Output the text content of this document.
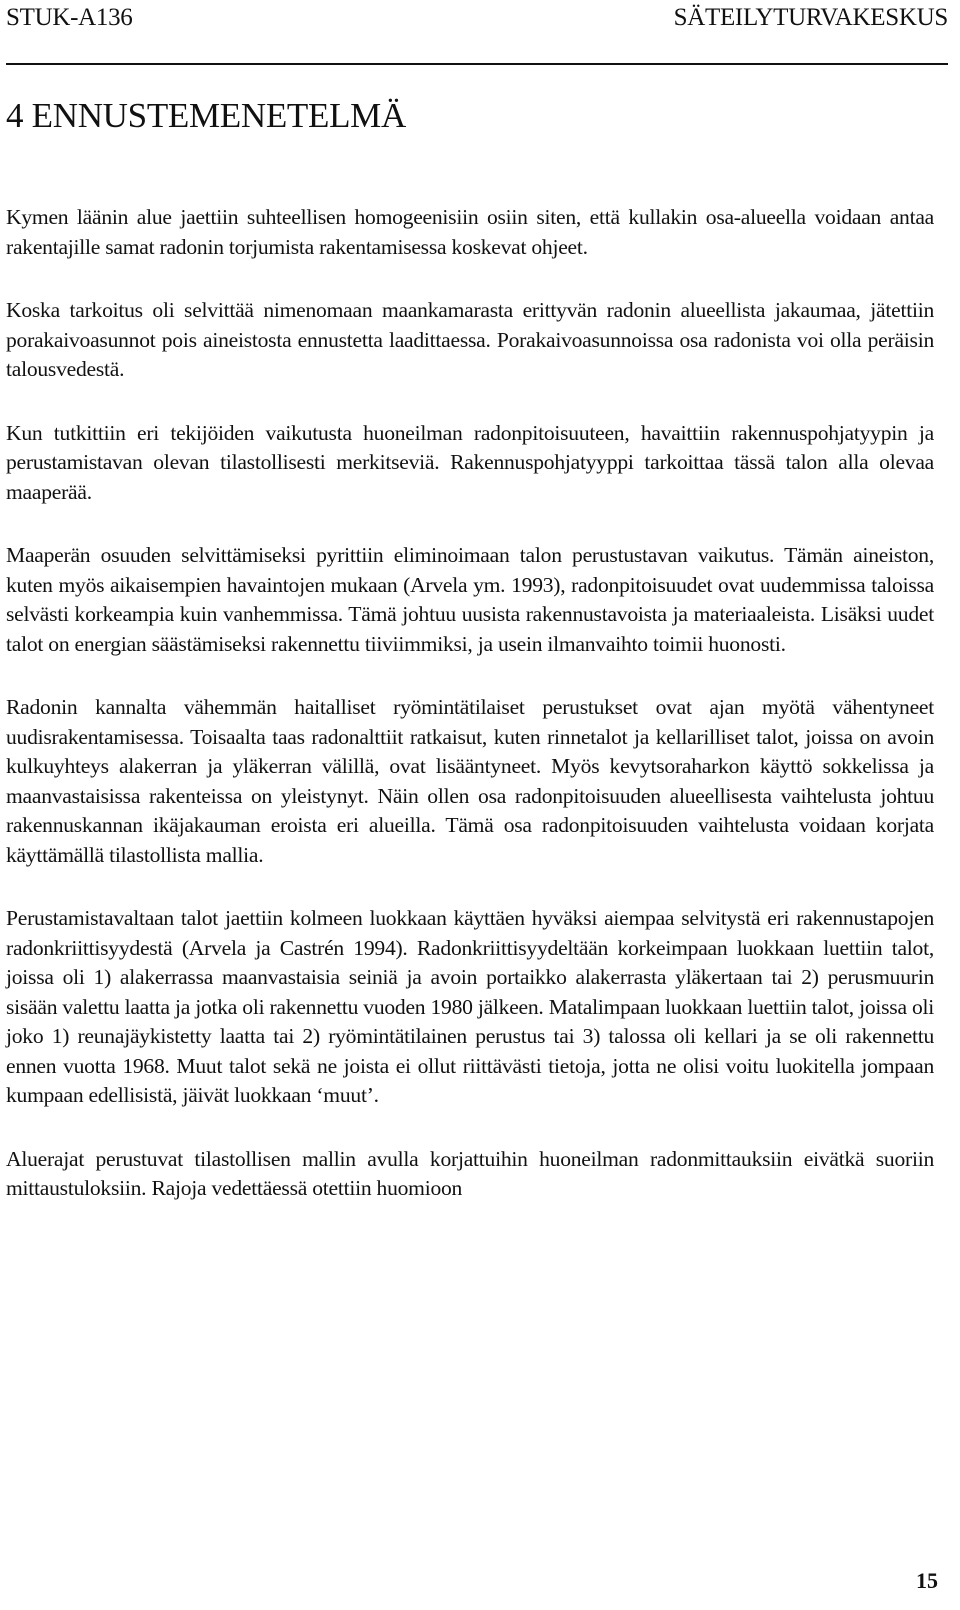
STUK-A136	SÄTEILYTURVAKESKUS
4 ENNUSTEMENETELMÄ

Kymen läänin alue jaettiin suhteellisen homogeenisiin osiin siten, että kullakin osa-alueella voidaan antaa rakentajille samat radonin torjumista rakentamisessa koskevat ohjeet.

Koska tarkoitus oli selvittää nimenomaan maankamarasta erittyvän radonin alueellista jakaumaa, jätettiin porakaivoasunnot pois aineistosta ennustetta laadittaessa. Porakaivoasunnoissa osa radonista voi olla peräisin talousvedestä.

Kun tutkittiin eri tekijöiden vaikutusta huoneilman radonpitoisuuteen, havaittiin rakennuspohjatyypin ja perustamistavan olevan tilastollisesti merkitseviä. Rakennuspohjatyyppi tarkoittaa tässä talon alla olevaa maaperää.

Maaperän osuuden selvittämiseksi pyrittiin eliminoimaan talon perustustavan vaikutus. Tämän aineiston, kuten myös aikaisempien havaintojen mukaan (Arvela ym. 1993), radonpitoisuudet ovat uudemmissa taloissa selvästi korkeampia kuin vanhemmissa. Tämä johtuu uusista rakennustavoista ja materiaaleista. Lisäksi uudet talot on energian säästämiseksi rakennettu tiiviimmiksi, ja usein ilmanvaihto toimii huonosti.

Radonin kannalta vähemmän haitalliset ryömintätilaiset perustukset ovat ajan myötä vähentyneet uudisrakentamisessa. Toisaalta taas radonalttiit ratkaisut, kuten rinnetalot ja kellarilliset talot, joissa on avoin kulkuyhteys alakerran ja yläkerran välillä, ovat lisääntyneet. Myös kevytsoraharkon käyttö sokkelissa ja maanvastaisissa rakenteissa on yleistynyt. Näin ollen osa radonpitoisuuden alueellisesta vaihtelusta johtuu rakennuskannan ikäjakauman eroista eri alueilla. Tämä osa radonpitoisuuden vaihtelusta voidaan korjata käyttämällä tilastollista mallia.

Perustamistavaltaan talot jaettiin kolmeen luokkaan käyttäen hyväksi aiempaa selvitystä eri rakennustapojen radonkriittisyydestä (Arvela ja Castrén 1994). Radonkriittisyydeltään korkeimpaan luokkaan luettiin talot, joissa oli 1) alakerrassa maanvastaisia seiniä ja avoin portaikko alakerrasta yläkertaan tai 2) perusmuurin sisään valettu laatta ja jotka oli rakennettu vuoden 1980 jälkeen. Matalimpaan luokkaan luettiin talot, joissa oli joko 1) reunajäykistetty laatta tai 2) ryömintätilainen perustus tai 3) talossa oli kellari ja se oli rakennettu ennen vuotta 1968. Muut talot sekä ne joista ei ollut riittävästi tietoja, jotta ne olisi voitu luokitella jompaan kumpaan edellisistä, jäivät luokkaan ‘muut’.

Aluerajat perustuvat tilastollisen mallin avulla korjattuihin huoneilman radonmittauksiin eivätkä suoriin mittaustuloksiin. Rajoja vedettäessä otettiin huomioon

15
